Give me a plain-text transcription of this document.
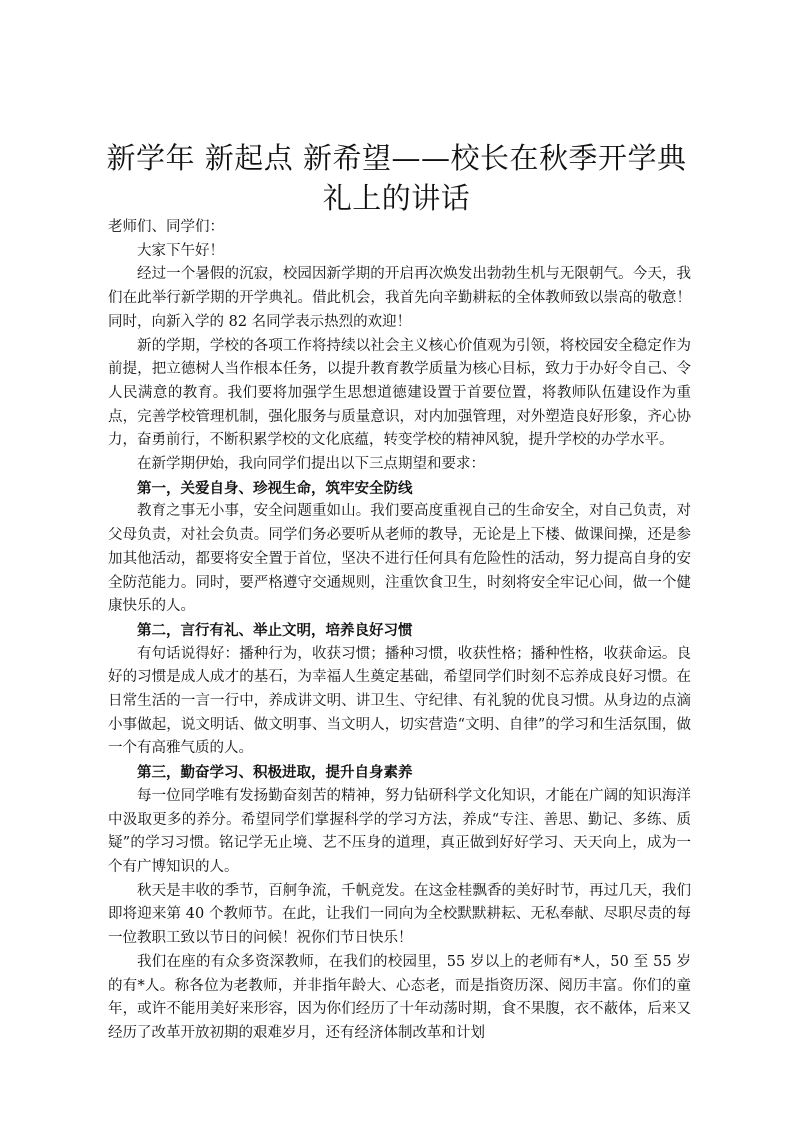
新学年 新起点 新希望——校长在秋季开学典
礼上的讲话

老师们、同学们：

大家下午好！

经过一个暑假的沉寂，校园因新学期的开启再次焕发出勃勃生机与无限朝气。今天，我们在此举行新学期的开学典礼。借此机会，我首先向辛勤耕耘的全体教师致以崇高的敬意！同时，向新入学的 82 名同学表示热烈的欢迎！

新的学期，学校的各项工作将持续以社会主义核心价值观为引领，将校园安全稳定作为前提，把立德树人当作根本任务，以提升教育教学质量为核心目标，致力于办好令自己、令人民满意的教育。我们要将加强学生思想道德建设置于首要位置，将教师队伍建设作为重点，完善学校管理机制，强化服务与质量意识，对内加强管理，对外塑造良好形象，齐心协力，奋勇前行，不断积累学校的文化底蕴，转变学校的精神风貌，提升学校的办学水平。

在新学期伊始，我向同学们提出以下三点期望和要求：

第一，关爱自身、珍视生命，筑牢安全防线

教育之事无小事，安全问题重如山。我们要高度重视自己的生命安全，对自己负责，对父母负责，对社会负责。同学们务必要听从老师的教导，无论是上下楼、做课间操，还是参加其他活动，都要将安全置于首位，坚决不进行任何具有危险性的活动，努力提高自身的安全防范能力。同时，要严格遵守交通规则，注重饮食卫生，时刻将安全牢记心间，做一个健康快乐的人。

第二，言行有礼、举止文明，培养良好习惯

有句话说得好：播种行为，收获习惯；播种习惯，收获性格；播种性格，收获命运。良好的习惯是成人成才的基石，为幸福人生奠定基础，希望同学们时刻不忘养成良好习惯。在日常生活的一言一行中，养成讲文明、讲卫生、守纪律、有礼貌的优良习惯。从身边的点滴小事做起，说文明话、做文明事、当文明人，切实营造“文明、自律”的学习和生活氛围，做一个有高雅气质的人。

第三，勤奋学习、积极进取，提升自身素养

每一位同学唯有发扬勤奋刻苦的精神，努力钻研科学文化知识，才能在广阔的知识海洋中汲取更多的养分。希望同学们掌握科学的学习方法，养成“专注、善思、勤记、多练、质疑”的学习习惯。铭记学无止境、艺不压身的道理，真正做到好好学习、天天向上，成为一个有广博知识的人。

秋天是丰收的季节，百舸争流，千帆竞发。在这金桂飘香的美好时节，再过几天，我们即将迎来第 40 个教师节。在此，让我们一同向为全校默默耕耘、无私奉献、尽职尽责的每一位教职工致以节日的问候！祝你们节日快乐！

我们在座的有众多资深教师，在我们的校园里，55 岁以上的老师有*人，50 至 55 岁的有*人。称各位为老教师，并非指年龄大、心态老，而是指资历深、阅历丰富。你们的童年，或许不能用美好来形容，因为你们经历了十年动荡时期，食不果腹，衣不蔽体，后来又经历了改革开放初期的艰难岁月，还有经济体制改革和计划
